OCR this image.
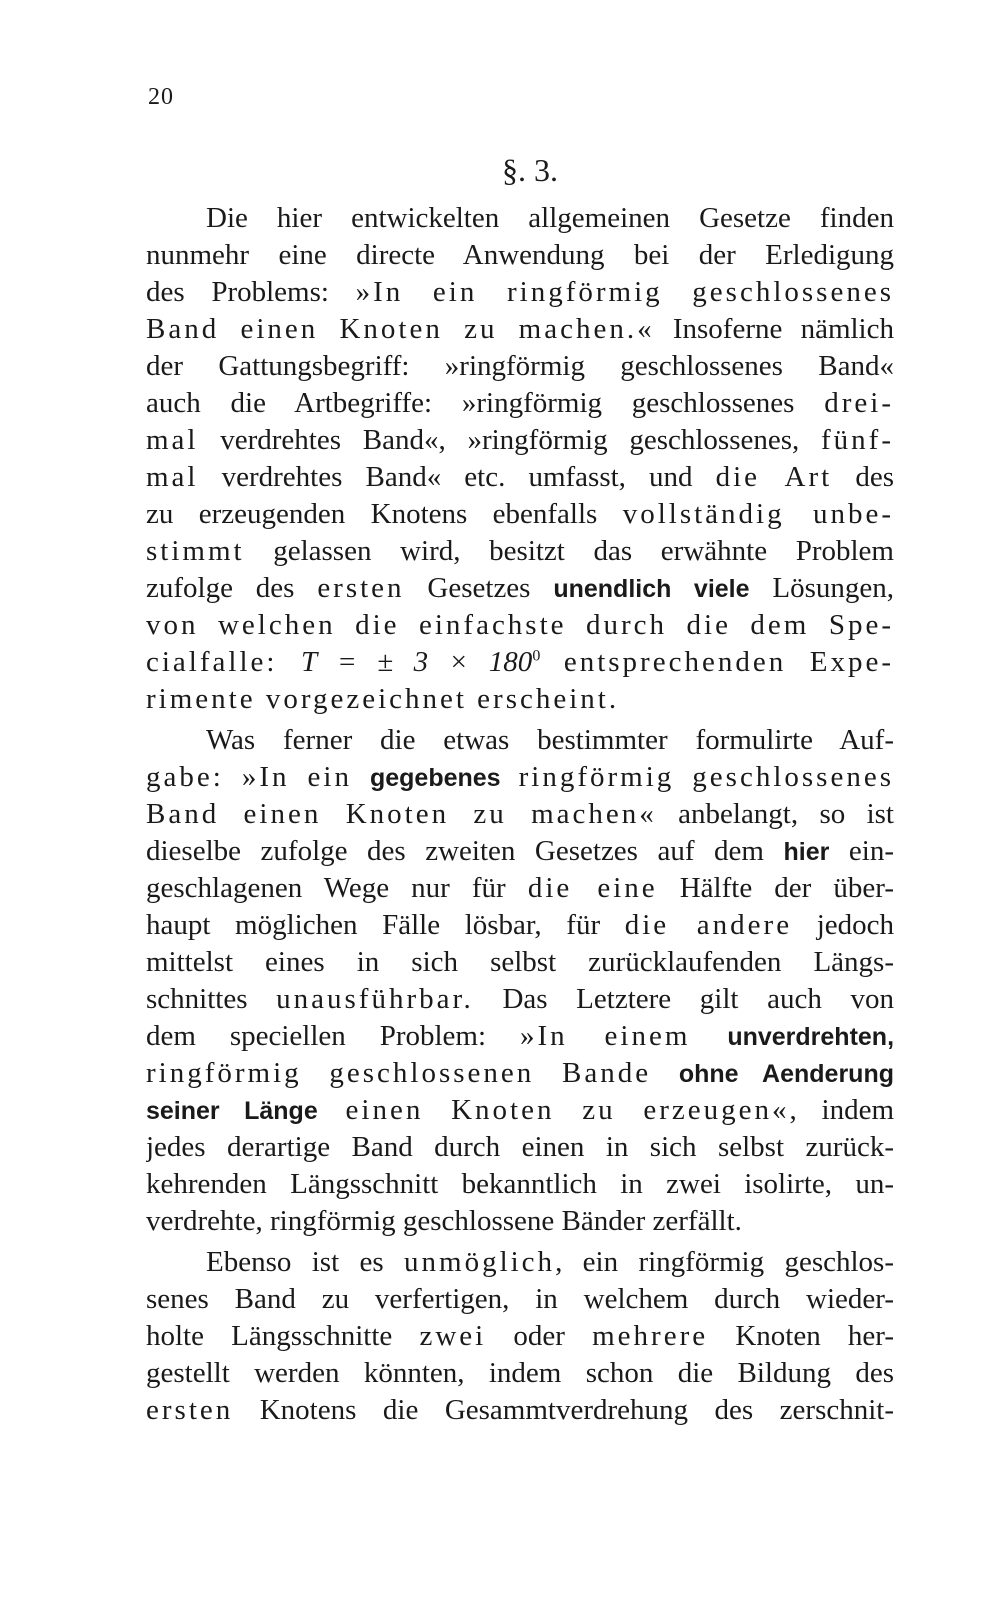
20
§. 3.
Die hier entwickelten allgemeinen Gesetze finden
nunmehr eine directe Anwendung bei der Erledigung
des Problems: »In ein ringförmig geschlossenes
Band einen Knoten zu machen.« Insoferne nämlich
der Gattungsbegriff: »ringförmig geschlossenes Band«
auch die Artbegriffe: »ringförmig geschlossenes drei-
mal verdrehtes Band«, »ringförmig geschlossenes, fünf-
mal verdrehtes Band« etc. umfasst, und die Art des
zu erzeugenden Knotens ebenfalls vollständig unbe-
stimmt gelassen wird, besitzt das erwähnte Problem
zufolge des ersten Gesetzes unendlich viele Lösungen,
von welchen die einfachste durch die dem Spe-
cialfalle: T = ± $3 \times 180^0$ entsprechenden Expe-
rimente vorgezeichnet erscheint.
Was ferner die etwas bestimmter formulirte Auf-
gabe: »In ein gegebenes ringförmig geschlossenes
Band einen Knoten zu machen« anbelangt, so ist
dieselbe zufolge des zweiten Gesetzes auf dem hier ein-
geschlagenen Wege nur für die eine Hälfte der über-
haupt möglichen Fälle lösbar, für die andere jedoch
mittelst eines in sich selbst zurücklaufenden Längs-
schnittes unausführbar. Das Letztere gilt auch von
dem speciellen Problem: »In einem unverdrehten,
ringförmig geschlossenen Bande ohne Aenderung
seiner Länge einen Knoten zu erzeugen«, indem
jedes derartige Band durch einen in sich selbst zurück-
kehrenden Längsschnitt bekanntlich in zwei isolirte, un-
verdrehte, ringförmig geschlossene Bänder zerfällt.
Ebenso ist es unmöglich, ein ringförmig geschlos-
senes Band zu verfertigen, in welchem durch wieder-
holte Längsschnitte zwei oder mehrere Knoten her-
gestellt werden könnten, indem schon die Bildung des
ersten Knotens die Gesammtverdrehung des zerschnit-
